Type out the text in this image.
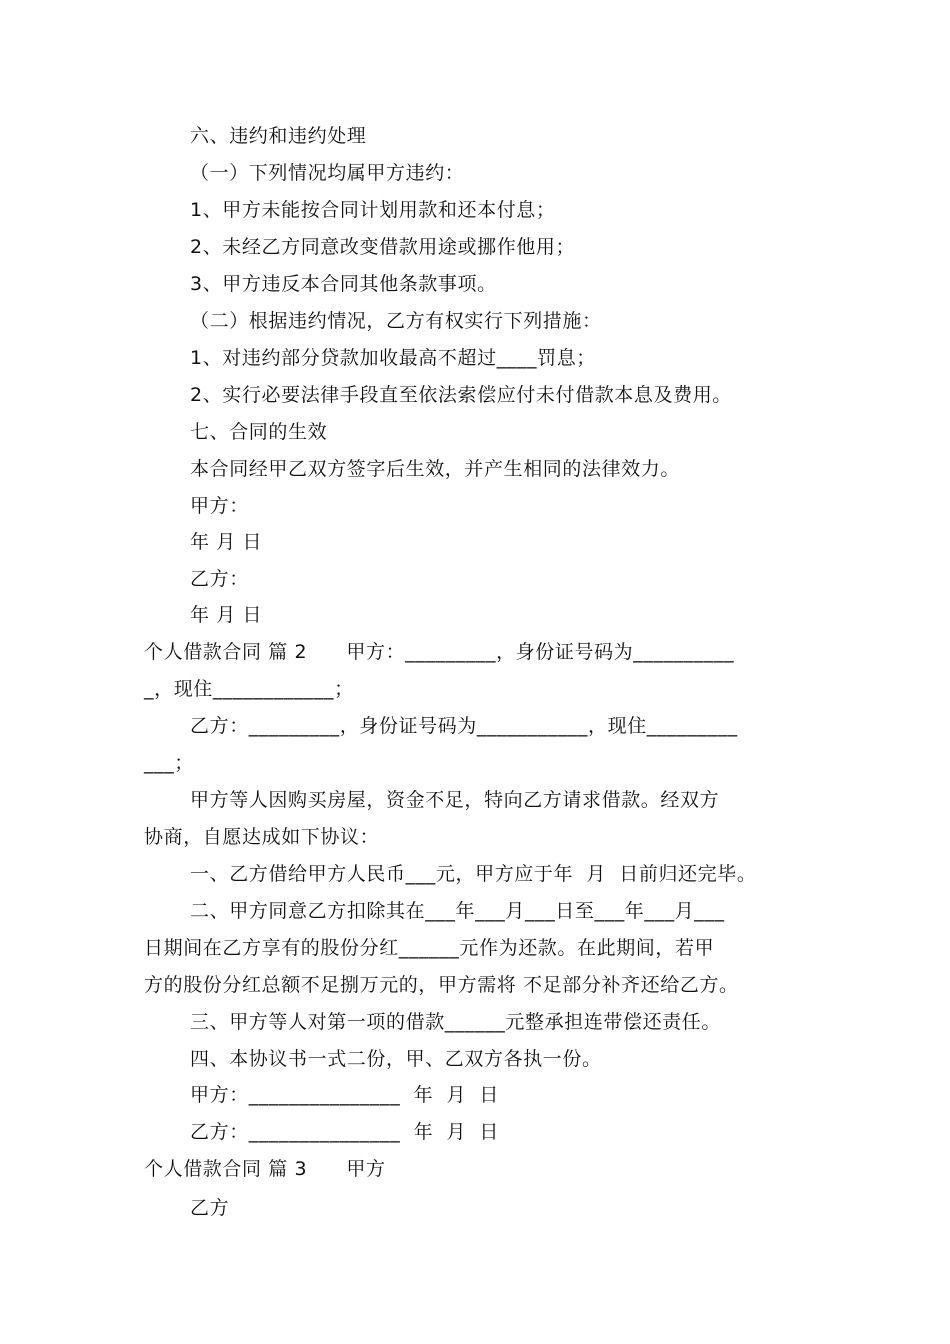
六、违约和违约处理
（一）下列情况均属甲方违约：
1、甲方未能按合同计划用款和还本付息；
2、未经乙方同意改变借款用途或挪作他用；
3、甲方违反本合同其他条款事项。
（二）根据违约情况，乙方有权实行下列措施：
1、对违约部分贷款加收最高不超过____罚息；
2、实行必要法律手段直至依法索偿应付未付借款本息及费用。
七、合同的生效
本合同经甲乙双方签字后生效，并产生相同的法律效力。
甲方：
年 月 日
乙方：
年 月 日
个人借款合同 篇 2　　甲方：_________，身份证号码为__________
_，现住____________；
乙方：_________，身份证号码为___________，现住_________
___；
甲方等人因购买房屋，资金不足，特向乙方请求借款。经双方
协商，自愿达成如下协议：
一、乙方借给甲方人民币___元，甲方应于年  月  日前归还完毕。
二、甲方同意乙方扣除其在___年___月___日至___年___月___
日期间在乙方享有的股份分红______元作为还款。在此期间，若甲
方的股份分红总额不足捌万元的，甲方需将 不足部分补齐还给乙方。
三、甲方等人对第一项的借款______元整承担连带偿还责任。
四、本协议书一式二份，甲、乙双方各执一份。
甲方：_______________  年  月  日
乙方：_______________  年  月  日
个人借款合同 篇 3　　甲方
乙方
